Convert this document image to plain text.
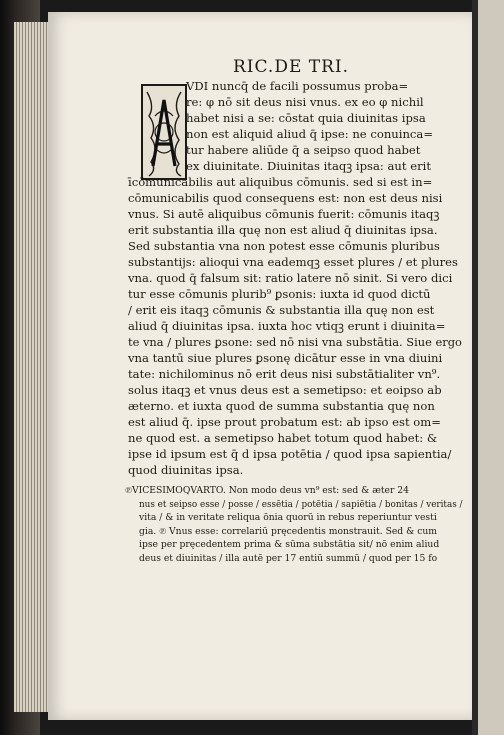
RIC.DE TRI.
VDI nuncq̄ de facili possumus proba=
re: φ nō sit deus nisi vnus. ex eo φ nichil
habet nisi a se: cōstat quia diuinitas ipsa
non est aliquid aliud q̄ ipse: ne conuinca=
tur habere aliūde q̄ a seipso quod habet
ex diuinitate. Diuinitas itaqꝫ ipsa: aut erit
īcōmunicabilis aut aliquibus cōmunis. sed si est in=
cōmunicabilis quod consequens est: non est deus nisi
vnus. Si autē aliquibus cōmunis fuerit: cōmunis itaqꝫ
erit substantia illa quę non est aliud q̄ diuinitas ipsa.
Sed substantia vna non potest esse cōmunis pluribus
substantijs: alioqui vna eademqꝫ esset plures / et plures
vna. quod q̄ falsum sit: ratio latere nō sinit. Si vero dici
tur esse cōmunis plurib⁹ ꝑsonis: iuxta id quod dictū
/ erit eis itaqꝫ cōmunis & substantia illa quę non est
aliud q̄ diuinitas ipsa. iuxta hoc vtiqꝫ erunt i diuinita=
te vna / plures ꝑsone: sed nō nisi vna substātia. Siue ergo
vna tantū siue plures ꝑsonę dicātur esse in vna diuini
tate: nichilominus nō erit deus nisi substātialiter vn⁹.
solus itaqꝫ et vnus deus est a semetipso: et eoipso ab
æterno. et iuxta quod de summa substantia quę non
est aliud q̄. ipse prout probatum est: ab ipso est om=
ne quod est. a semetipso habet totum quod habet: &
ipse id ipsum est q̄ d ipsa potētia / quod ipsa sapientia/
quod diuinitas ipsa.
℗VICESIMOQVARTO. Non modo deus vn⁹ est: sed & æter 24
nus et seipso esse / posse / essētia / potētia / sapiētia / bonitas / veritas /
vita / & in veritate reliqua ōnia quorū in rebus reperiuntur vesti
gia. ℗ Vnus esse: correlariū pręcedentis monstrauit. Sed & cum
ipse per pręcedentem prima & sūma substātia sit/ nō enim aliud
deus et diuinitas / illa autē per 17 entiū summū / quod per 15 fo
